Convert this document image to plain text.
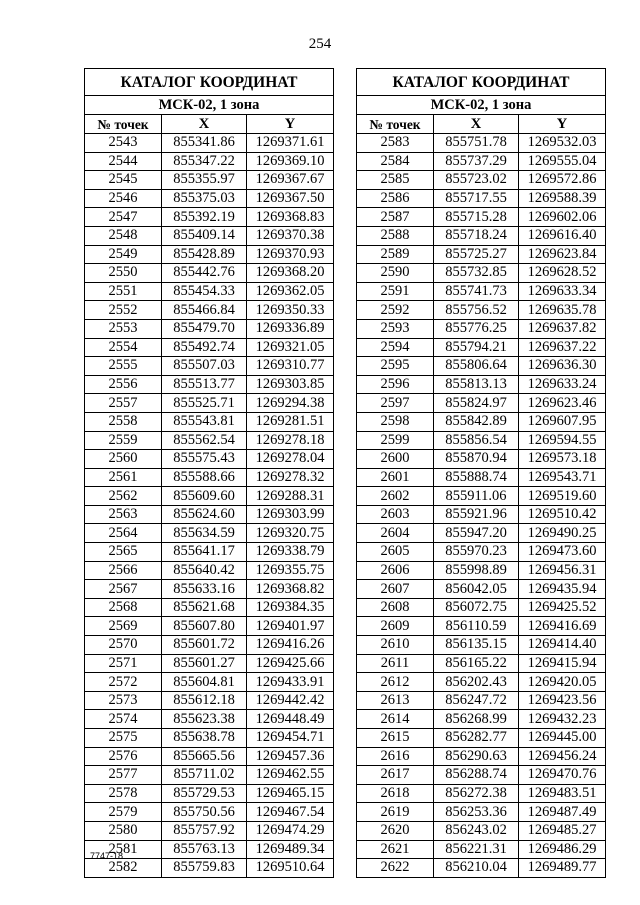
254
КАТАЛОГ КООРДИНАТ		
МСК-02, 1 зона		
№ точек	X	Y
2543	855341.86	1269371.61
2544	855347.22	1269369.10
2545	855355.97	1269367.67
2546	855375.03	1269367.50
2547	855392.19	1269368.83
2548	855409.14	1269370.38
2549	855428.89	1269370.93
2550	855442.76	1269368.20
2551	855454.33	1269362.05
2552	855466.84	1269350.33
2553	855479.70	1269336.89
2554	855492.74	1269321.05
2555	855507.03	1269310.77
2556	855513.77	1269303.85
2557	855525.71	1269294.38
2558	855543.81	1269281.51
2559	855562.54	1269278.18
2560	855575.43	1269278.04
2561	855588.66	1269278.32
2562	855609.60	1269288.31
2563	855624.60	1269303.99
2564	855634.59	1269320.75
2565	855641.17	1269338.79
2566	855640.42	1269355.75
2567	855633.16	1269368.82
2568	855621.68	1269384.35
2569	855607.80	1269401.97
2570	855601.72	1269416.26
2571	855601.27	1269425.66
2572	855604.81	1269433.91
2573	855612.18	1269442.42
2574	855623.38	1269448.49
2575	855638.78	1269454.71
2576	855665.56	1269457.36
2577	855711.02	1269462.55
2578	855729.53	1269465.15
2579	855750.56	1269467.54
2580	855757.92	1269474.29
2581	855763.13	1269489.34
2582	855759.83	1269510.64
КАТАЛОГ КООРДИНАТ		
МСК-02, 1 зона		
№ точек	X	Y
2583	855751.78	1269532.03
2584	855737.29	1269555.04
2585	855723.02	1269572.86
2586	855717.55	1269588.39
2587	855715.28	1269602.06
2588	855718.24	1269616.40
2589	855725.27	1269623.84
2590	855732.85	1269628.52
2591	855741.73	1269633.34
2592	855756.52	1269635.78
2593	855776.25	1269637.82
2594	855794.21	1269637.22
2595	855806.64	1269636.30
2596	855813.13	1269633.24
2597	855824.97	1269623.46
2598	855842.89	1269607.95
2599	855856.54	1269594.55
2600	855870.94	1269573.18
2601	855888.74	1269543.71
2602	855911.06	1269519.60
2603	855921.96	1269510.42
2604	855947.20	1269490.25
2605	855970.23	1269473.60
2606	855998.89	1269456.31
2607	856042.05	1269435.94
2608	856072.75	1269425.52
2609	856110.59	1269416.69
2610	856135.15	1269414.40
2611	856165.22	1269415.94
2612	856202.43	1269420.05
2613	856247.72	1269423.56
2614	856268.99	1269432.23
2615	856282.77	1269445.00
2616	856290.63	1269456.24
2617	856288.74	1269470.76
2618	856272.38	1269483.51
2619	856253.36	1269487.49
2620	856243.02	1269485.27
2621	856221.31	1269486.29
2622	856210.04	1269489.77
7747-18
